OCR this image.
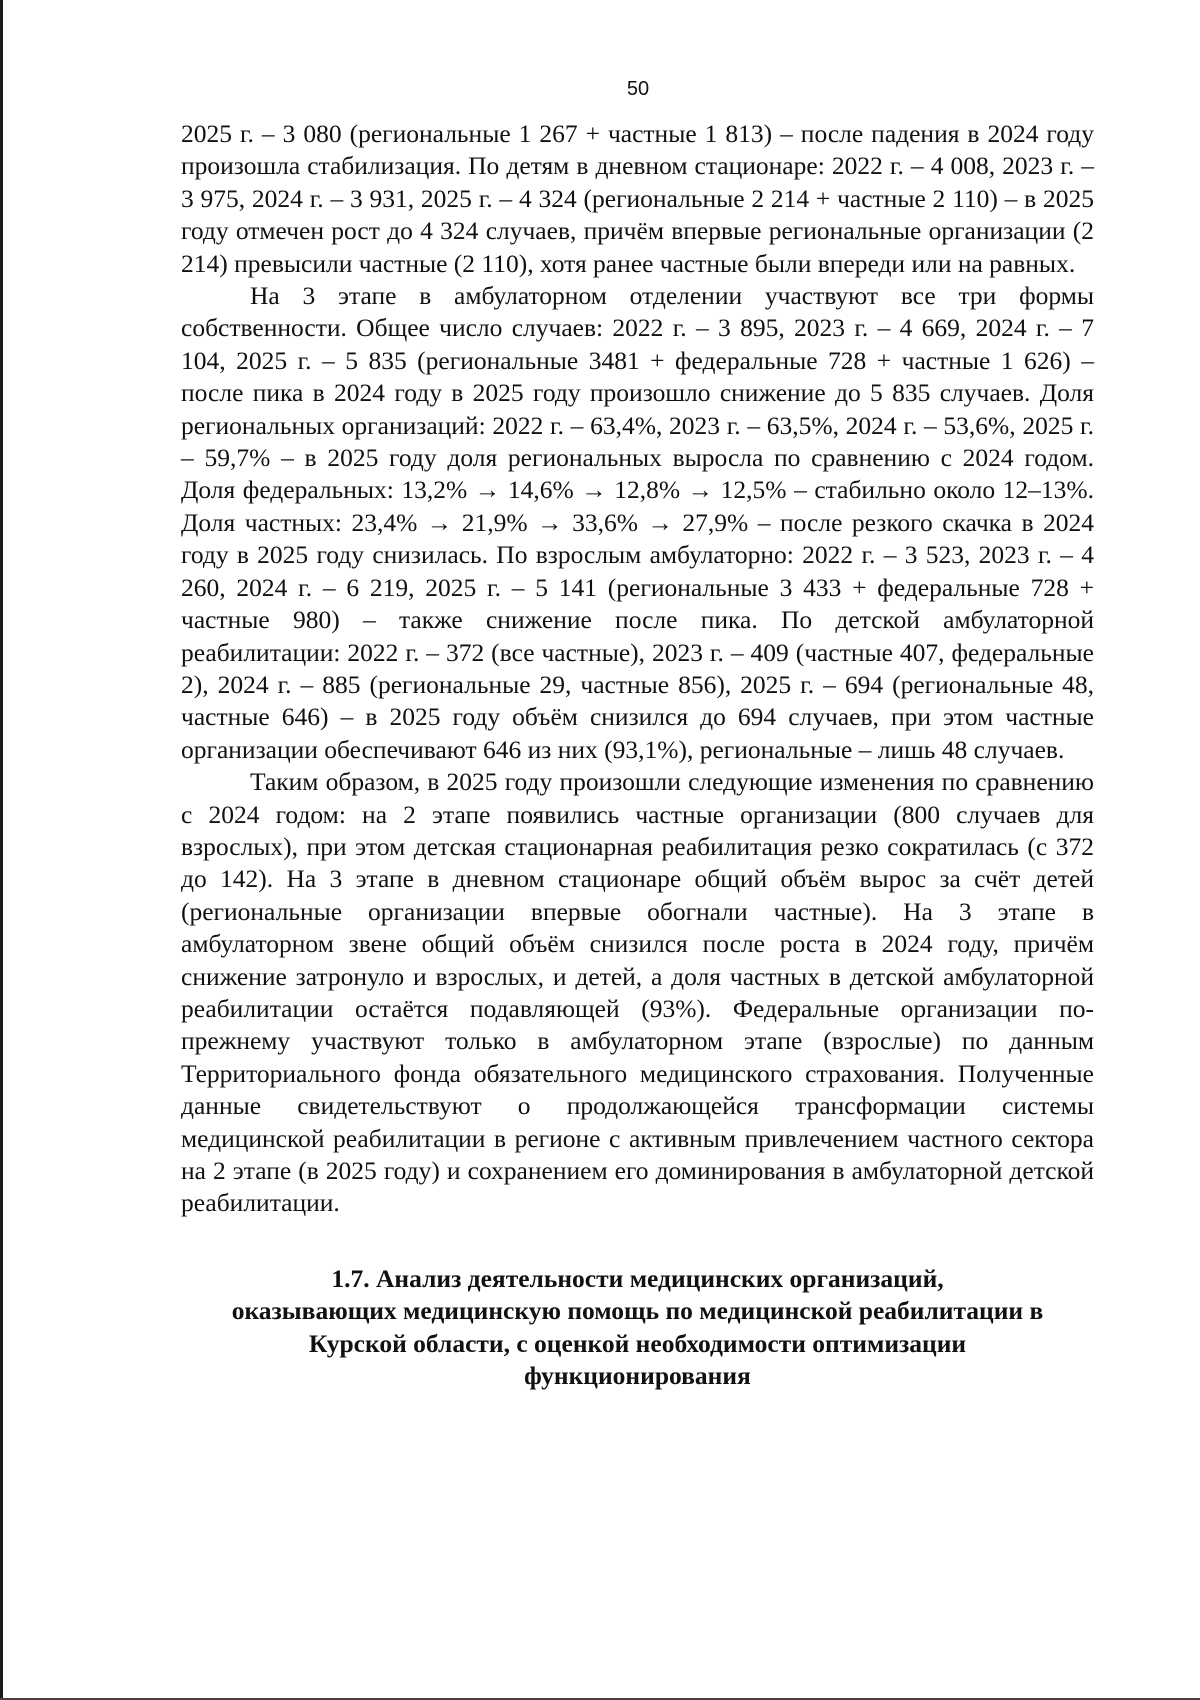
50

2025 г. – 3 080 (региональные 1 267 + частные 1 813) – после падения в 2024 году произошла стабилизация. По детям в дневном стационаре: 2022 г. – 4 008, 2023 г. – 3 975, 2024 г. – 3 931, 2025 г. – 4 324 (региональные 2 214 + частные 2 110) – в 2025 году отмечен рост до 4 324 случаев, причём впервые региональные организации (2 214) превысили частные (2 110), хотя ранее частные были впереди или на равных.

На 3 этапе в амбулаторном отделении участвуют все три формы собственности. Общее число случаев: 2022 г. – 3 895, 2023 г. – 4 669, 2024 г. – 7 104, 2025 г. – 5 835 (региональные 3481 + федеральные 728 + частные 1 626) – после пика в 2024 году в 2025 году произошло снижение до 5 835 случаев. Доля региональных организаций: 2022 г. – 63,4%, 2023 г. – 63,5%, 2024 г. – 53,6%, 2025 г. – 59,7% – в 2025 году доля региональных выросла по сравнению с 2024 годом. Доля федеральных: 13,2% → 14,6% → 12,8% → 12,5% – стабильно около 12–13%. Доля частных: 23,4% → 21,9% → 33,6% → 27,9% – после резкого скачка в 2024 году в 2025 году снизилась. По взрослым амбулаторно: 2022 г. – 3 523, 2023 г. – 4 260, 2024 г. – 6 219, 2025 г. – 5 141 (региональные 3 433 + федеральные 728 + частные 980) – также снижение после пика. По детской амбулаторной реабилитации: 2022 г. – 372 (все частные), 2023 г. – 409 (частные 407, федеральные 2), 2024 г. – 885 (региональные 29, частные 856), 2025 г. – 694 (региональные 48, частные 646) – в 2025 году объём снизился до 694 случаев, при этом частные организации обеспечивают 646 из них (93,1%), региональные – лишь 48 случаев.

Таким образом, в 2025 году произошли следующие изменения по сравнению с 2024 годом: на 2 этапе появились частные организации (800 случаев для взрослых), при этом детская стационарная реабилитация резко сократилась (с 372 до 142). На 3 этапе в дневном стационаре общий объём вырос за счёт детей (региональные организации впервые обогнали частные). На 3 этапе в амбулаторном звене общий объём снизился после роста в 2024 году, причём снижение затронуло и взрослых, и детей, а доля частных в детской амбулаторной реабилитации остаётся подавляющей (93%). Федеральные организации по-прежнему участвуют только в амбулаторном этапе (взрослые) по данным Территориального фонда обязательного медицинского страхования. Полученные данные свидетельствуют о продолжающейся трансформации системы медицинской реабилитации в регионе с активным привлечением частного сектора на 2 этапе (в 2025 году) и сохранением его доминирования в амбулаторной детской реабилитации.

1.7. Анализ деятельности медицинских организаций,
оказывающих медицинскую помощь по медицинской реабилитации в
Курской области, с оценкой необходимости оптимизации
функционирования
